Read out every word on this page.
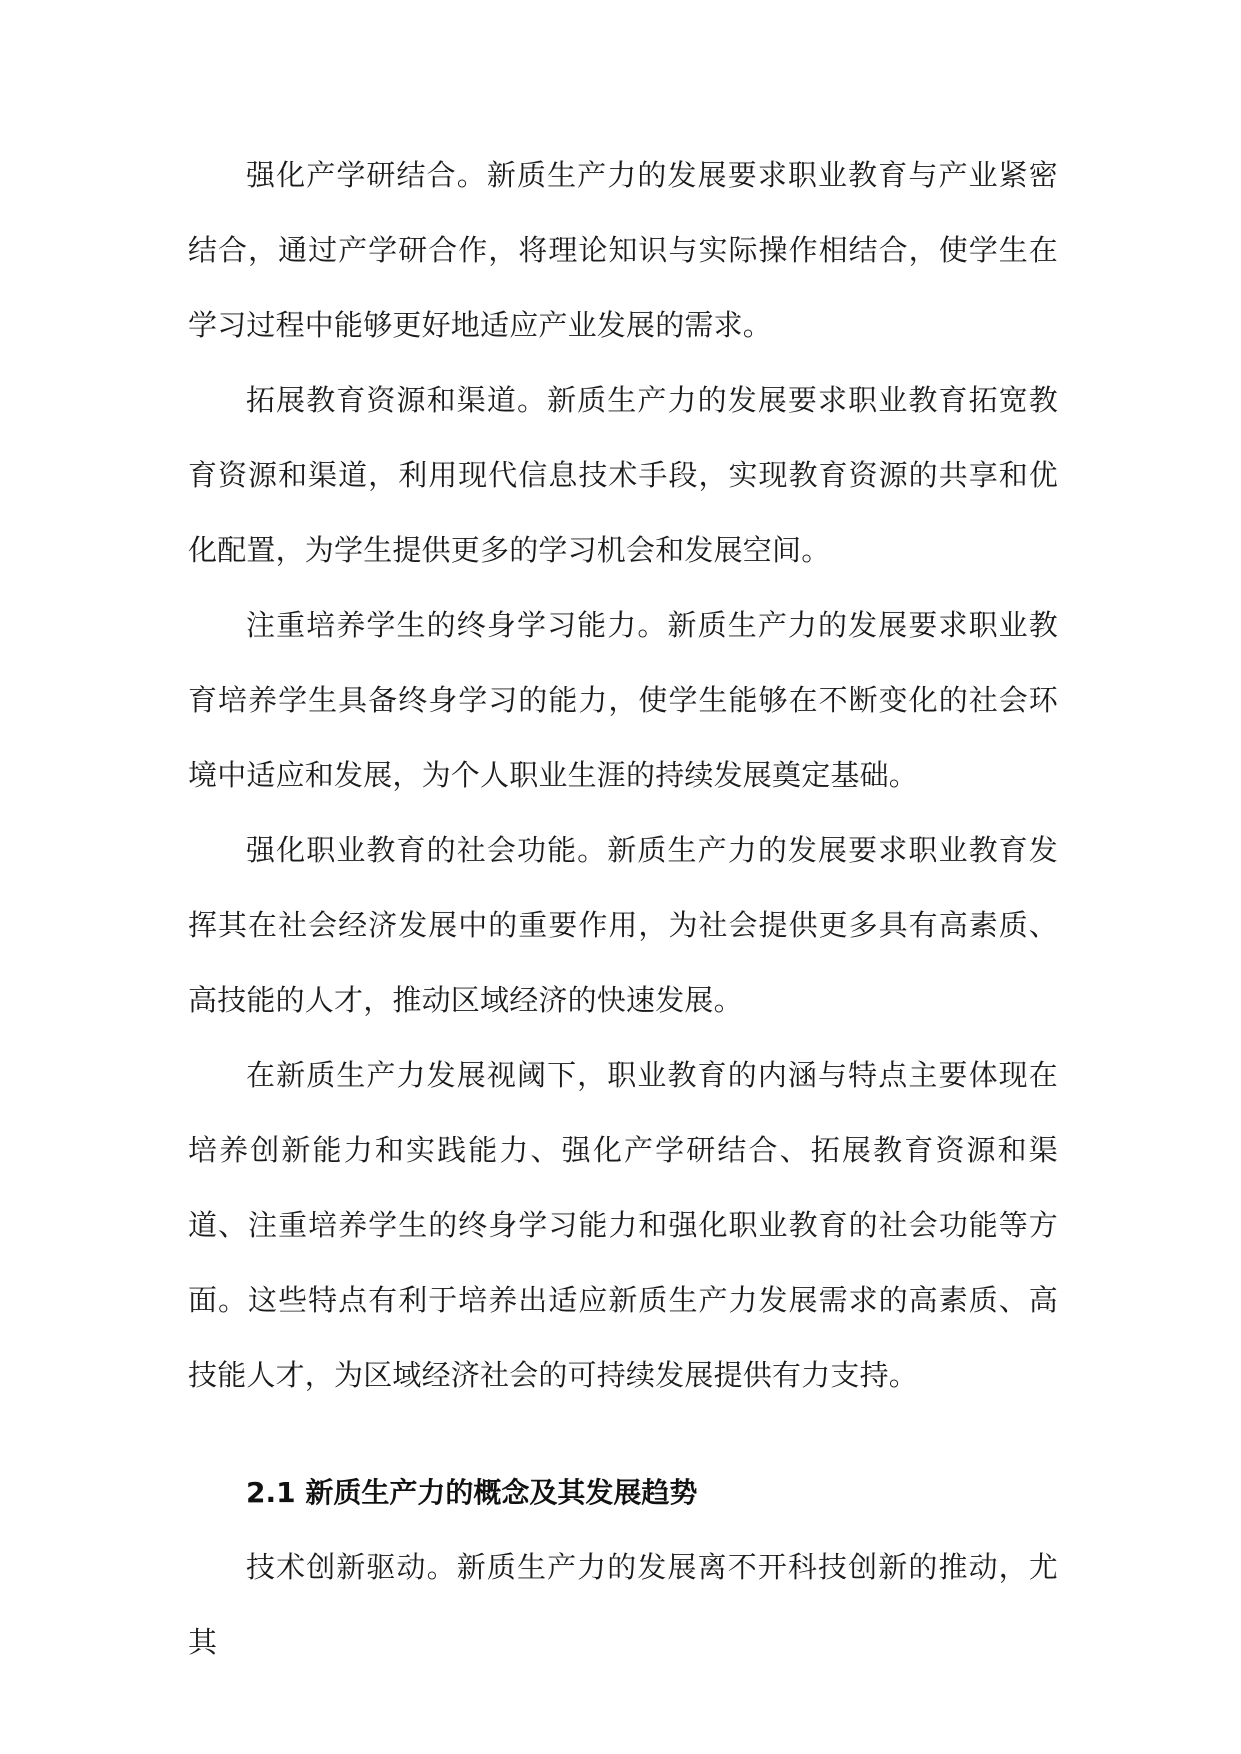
强化产学研结合。新质生产力的发展要求职业教育与产业紧密结合，通过产学研合作，将理论知识与实际操作相结合，使学生在学习过程中能够更好地适应产业发展的需求。

拓展教育资源和渠道。新质生产力的发展要求职业教育拓宽教育资源和渠道，利用现代信息技术手段，实现教育资源的共享和优化配置，为学生提供更多的学习机会和发展空间。

注重培养学生的终身学习能力。新质生产力的发展要求职业教育培养学生具备终身学习的能力，使学生能够在不断变化的社会环境中适应和发展，为个人职业生涯的持续发展奠定基础。

强化职业教育的社会功能。新质生产力的发展要求职业教育发挥其在社会经济发展中的重要作用，为社会提供更多具有高素质、高技能的人才，推动区域经济的快速发展。

在新质生产力发展视阈下，职业教育的内涵与特点主要体现在培养创新能力和实践能力、强化产学研结合、拓展教育资源和渠道、注重培养学生的终身学习能力和强化职业教育的社会功能等方面。这些特点有利于培养出适应新质生产力发展需求的高素质、高技能人才，为区域经济社会的可持续发展提供有力支持。

2.1 新质生产力的概念及其发展趋势

技术创新驱动。新质生产力的发展离不开科技创新的推动，尤其
